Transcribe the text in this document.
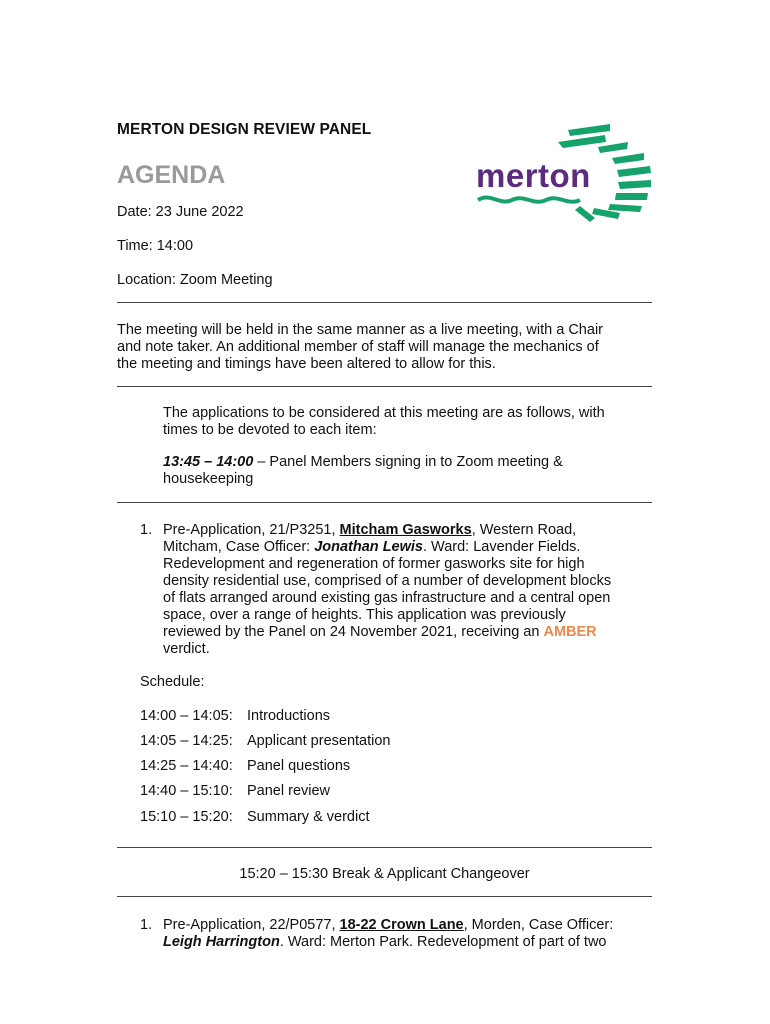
MERTON DESIGN REVIEW PANEL
AGENDA	merton
Date: 23 June 2022
Time: 14:00
Location: Zoom Meeting
The meeting will be held in the same manner as a live meeting, with a Chair
and note taker. An additional member of staff will manage the mechanics of
the meeting and timings have been altered to allow for this.
The applications to be considered at this meeting are as follows, with
times to be devoted to each item:
13:45 – 14:00 – Panel Members signing in to Zoom meeting &
housekeeping
1. Pre-Application, 21/P3251, Mitcham Gasworks, Western Road,
Mitcham, Case Officer: Jonathan Lewis. Ward: Lavender Fields.
Redevelopment and regeneration of former gasworks site for high
density residential use, comprised of a number of development blocks
of flats arranged around existing gas infrastructure and a central open
space, over a range of heights. This application was previously
reviewed by the Panel on 24 November 2021, receiving an AMBER
verdict.
Schedule:
14:00 – 14:05: Introductions
14:05 – 14:25: Applicant presentation
14:25 – 14:40: Panel questions
14:40 – 15:10: Panel review
15:10 – 15:20: Summary & verdict
15:20 – 15:30 Break & Applicant Changeover
1. Pre-Application, 22/P0577, 18-22 Crown Lane, Morden, Case Officer:
Leigh Harrington. Ward: Merton Park. Redevelopment of part of two
